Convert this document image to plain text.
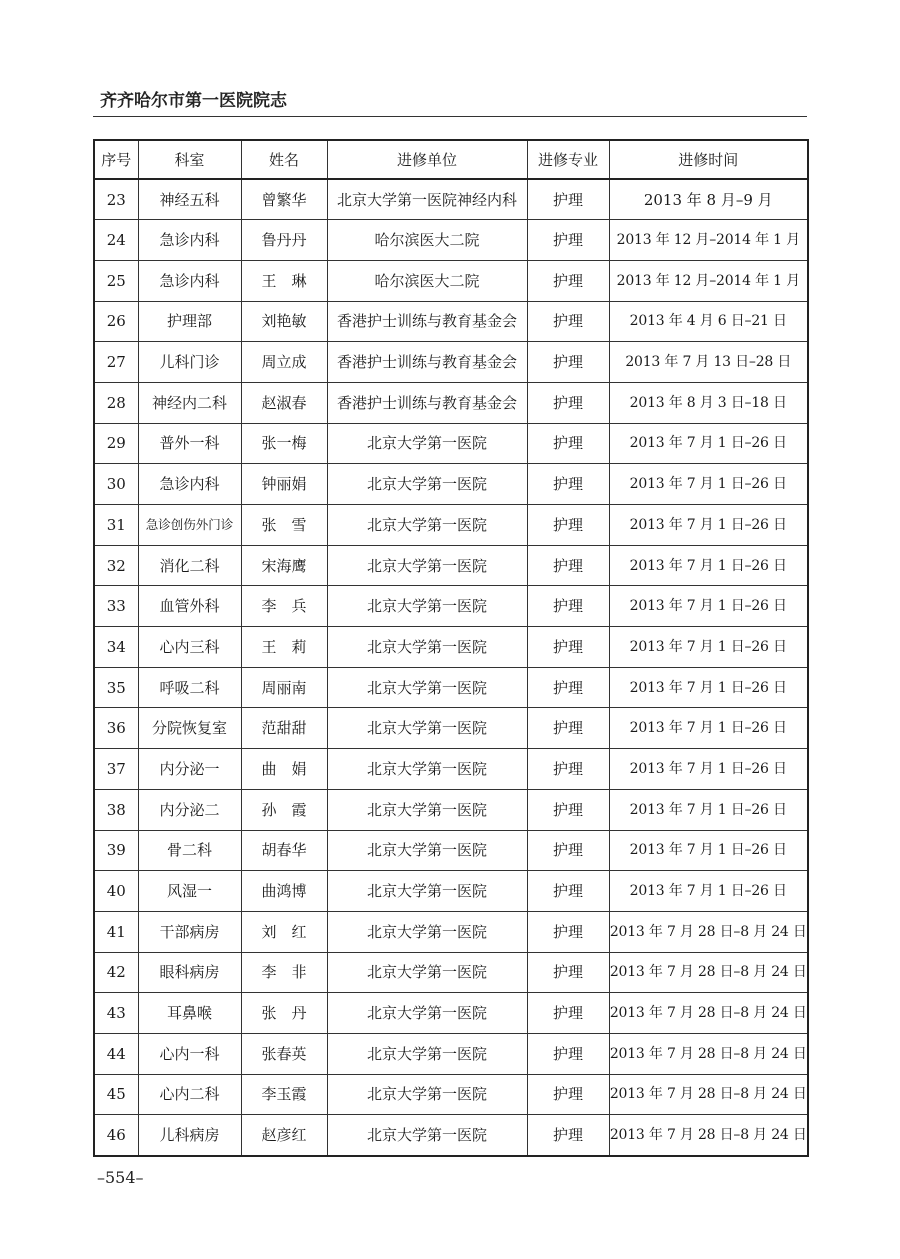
齐齐哈尔市第一医院院志
序号	科室	姓名	进修单位	进修专业	进修时间
23	神经五科	曾繁华	北京大学第一医院神经内科	护理	2013 年 8 月–9 月
24	急诊内科	鲁丹丹	哈尔滨医大二院	护理	2013 年 12 月–2014 年 1 月
25	急诊内科	王　琳	哈尔滨医大二院	护理	2013 年 12 月–2014 年 1 月
26	护理部	刘艳敏	香港护士训练与教育基金会	护理	2013 年 4 月 6 日–21 日
27	儿科门诊	周立成	香港护士训练与教育基金会	护理	2013 年 7 月 13 日–28 日
28	神经内二科	赵淑春	香港护士训练与教育基金会	护理	2013 年 8 月 3 日–18 日
29	普外一科	张一梅	北京大学第一医院	护理	2013 年 7 月 1 日–26 日
30	急诊内科	钟丽娟	北京大学第一医院	护理	2013 年 7 月 1 日–26 日
31	急诊创伤外门诊	张　雪	北京大学第一医院	护理	2013 年 7 月 1 日–26 日
32	消化二科	宋海鹰	北京大学第一医院	护理	2013 年 7 月 1 日–26 日
33	血管外科	李　兵	北京大学第一医院	护理	2013 年 7 月 1 日–26 日
34	心内三科	王　莉	北京大学第一医院	护理	2013 年 7 月 1 日–26 日
35	呼吸二科	周丽南	北京大学第一医院	护理	2013 年 7 月 1 日–26 日
36	分院恢复室	范甜甜	北京大学第一医院	护理	2013 年 7 月 1 日–26 日
37	内分泌一	曲　娟	北京大学第一医院	护理	2013 年 7 月 1 日–26 日
38	内分泌二	孙　霞	北京大学第一医院	护理	2013 年 7 月 1 日–26 日
39	骨二科	胡春华	北京大学第一医院	护理	2013 年 7 月 1 日–26 日
40	风湿一	曲鸿博	北京大学第一医院	护理	2013 年 7 月 1 日–26 日
41	干部病房	刘　红	北京大学第一医院	护理	2013 年 7 月 28 日–8 月 24 日
42	眼科病房	李　非	北京大学第一医院	护理	2013 年 7 月 28 日–8 月 24 日
43	耳鼻喉	张　丹	北京大学第一医院	护理	2013 年 7 月 28 日–8 月 24 日
44	心内一科	张春英	北京大学第一医院	护理	2013 年 7 月 28 日–8 月 24 日
45	心内二科	李玉霞	北京大学第一医院	护理	2013 年 7 月 28 日–8 月 24 日
46	儿科病房	赵彦红	北京大学第一医院	护理	2013 年 7 月 28 日–8 月 24 日
–554–
